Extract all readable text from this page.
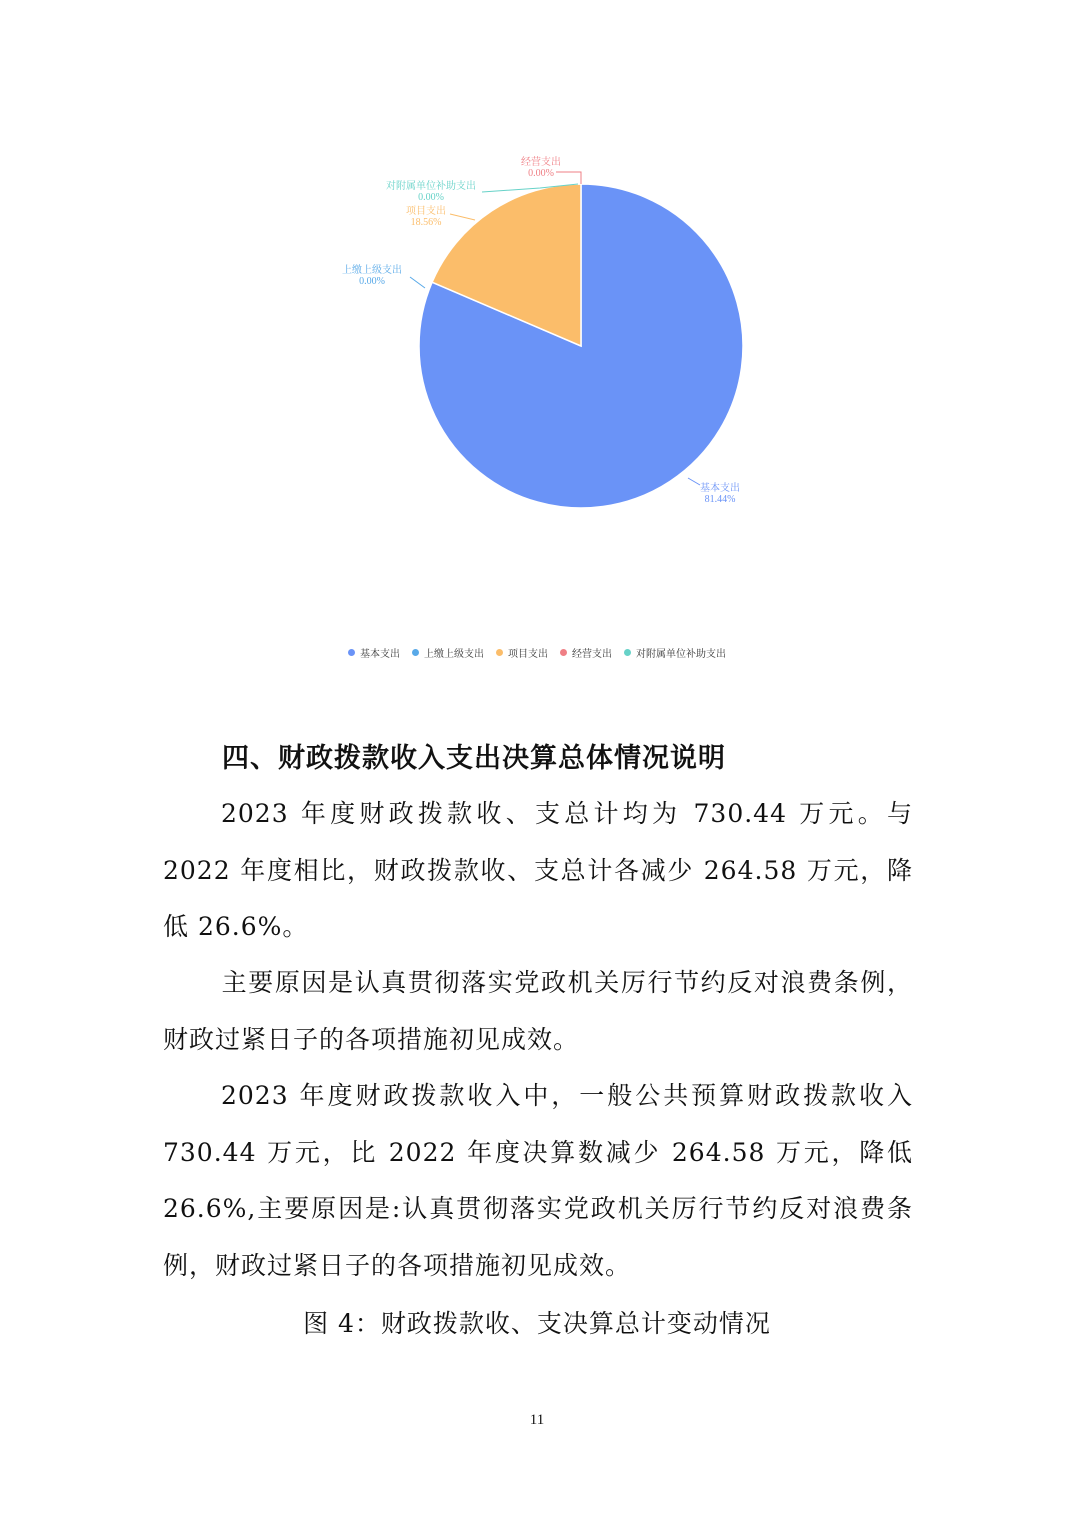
基本支出
81.44%
上缴上级支出
0.00%
项目支出
18.56%
经营支出
0.00%
对附属单位补助支出
0.00%
基本支出 上缴上级支出 项目支出 经营支出 对附属单位补助支出
四、财政拨款收入支出决算总体情况说明

2023 年度财政拨款收、支总计均为 730.44 万元。与 2022 年度相比，财政拨款收、支总计各减少 264.58 万元，降低 26.6%。

主要原因是认真贯彻落实党政机关厉行节约反对浪费条例，财政过紧日子的各项措施初见成效。

2023 年度财政拨款收入中，一般公共预算财政拨款收入 730.44 万元，比 2022 年度决算数减少 264.58 万元，降低 26.6%,主要原因是:认真贯彻落实党政机关厉行节约反对浪费条例，财政过紧日子的各项措施初见成效。

图 4：财政拨款收、支决算总计变动情况
11
